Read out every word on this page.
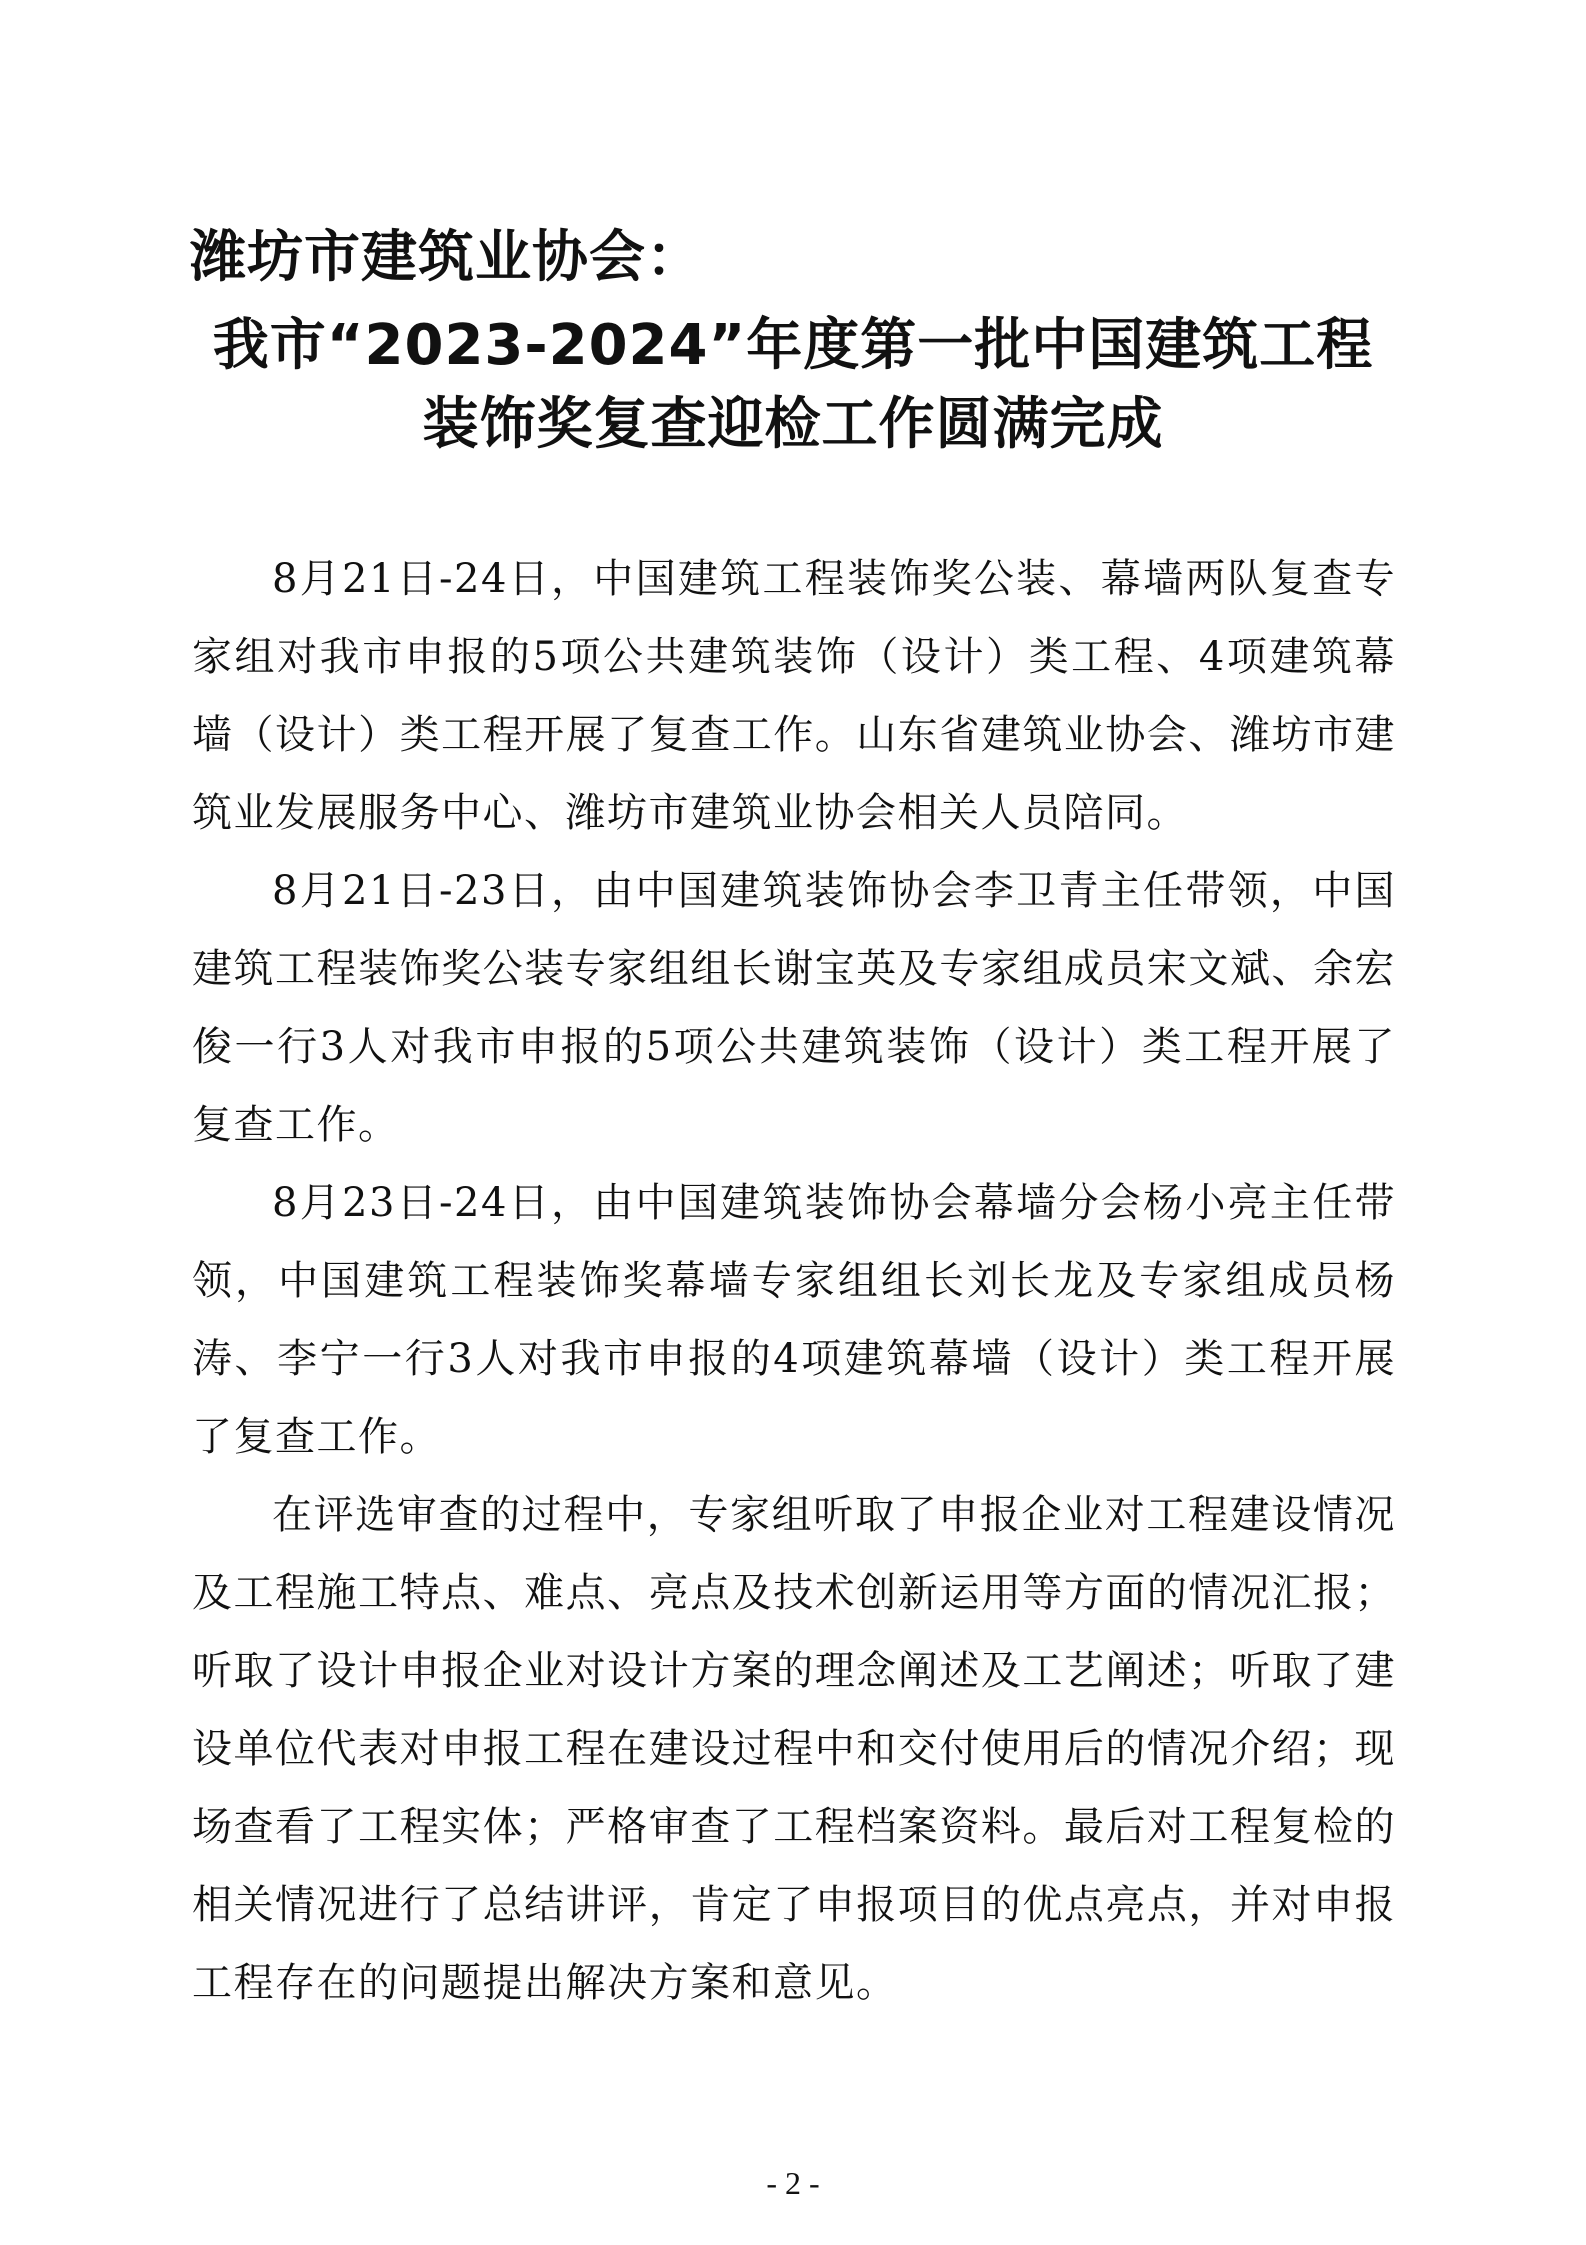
潍坊市建筑业协会：
我市“2023-2024”年度第一批中国建筑工程
装饰奖复查迎检工作圆满完成

8月21日-24日，中国建筑工程装饰奖公装、幕墙两队复查专家组对我市申报的5项公共建筑装饰（设计）类工程、4项建筑幕墙（设计）类工程开展了复查工作。山东省建筑业协会、潍坊市建筑业发展服务中心、潍坊市建筑业协会相关人员陪同。

8月21日-23日，由中国建筑装饰协会李卫青主任带领，中国建筑工程装饰奖公装专家组组长谢宝英及专家组成员宋文斌、余宏俊一行3人对我市申报的5项公共建筑装饰（设计）类工程开展了复查工作。

8月23日-24日，由中国建筑装饰协会幕墙分会杨小亮主任带领，中国建筑工程装饰奖幕墙专家组组长刘长龙及专家组成员杨涛、李宁一行3人对我市申报的4项建筑幕墙（设计）类工程开展了复查工作。

在评选审查的过程中，专家组听取了申报企业对工程建设情况及工程施工特点、难点、亮点及技术创新运用等方面的情况汇报；听取了设计申报企业对设计方案的理念阐述及工艺阐述；听取了建设单位代表对申报工程在建设过程中和交付使用后的情况介绍；现场查看了工程实体；严格审查了工程档案资料。最后对工程复检的相关情况进行了总结讲评，肯定了申报项目的优点亮点，并对申报工程存在的问题提出解决方案和意见。

- 2 -
